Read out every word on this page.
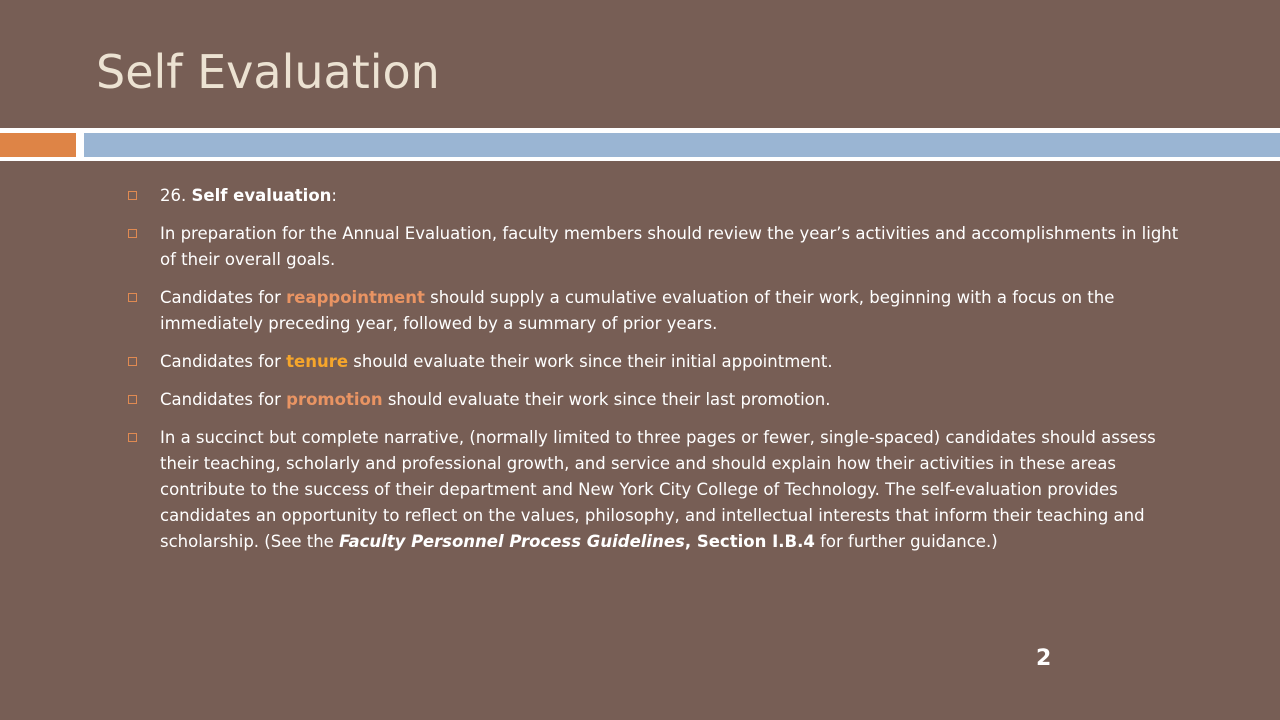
Self Evaluation
26. Self evaluation:
In preparation for the Annual Evaluation, faculty members should review the year’s activities and accomplishments in light of their overall goals.
Candidates for reappointment should supply a cumulative evaluation of their work, beginning with a focus on the immediately preceding year, followed by a summary of prior years.
Candidates for tenure should evaluate their work since their initial appointment.
Candidates for promotion should evaluate their work since their last promotion.
In a succinct but complete narrative, (normally limited to three pages or fewer, single-spaced) candidates should assess their teaching, scholarly and professional growth, and service and should explain how their activities in these areas contribute to the success of their department and New York City College of Technology. The self-evaluation provides candidates an opportunity to reflect on the values, philosophy, and intellectual interests that inform their teaching and scholarship. (See the Faculty Personnel Process Guidelines, Section I.B.4 for further guidance.)
2
